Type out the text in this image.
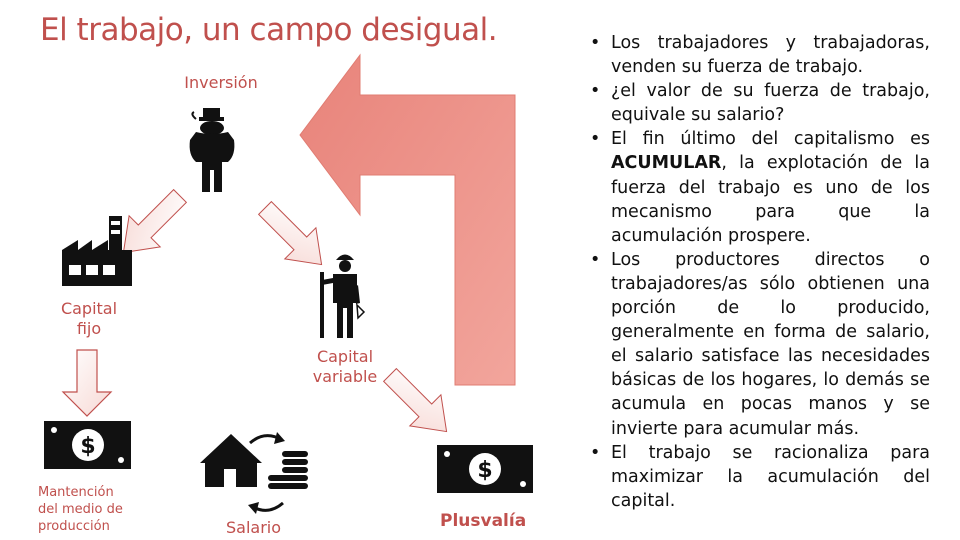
El trabajo, un campo desigual.
$
$
Inversión
Capital
fijo
Capital
variable
Mantención
del medio de
producción	Salario	Plusvalía
• Los trabajadores y trabajadoras, venden su fuerza de trabajo.
• ¿el valor de su fuerza de trabajo, equivale su salario?
• El fin último del capitalismo es ACUMULAR, la explotación de la fuerza del trabajo es uno de los mecanismo para que la acumulación prospere.
• Los productores directos o trabajadores/as sólo obtienen una porción de lo producido, generalmente en forma de salario, el salario satisface las necesidades básicas de los hogares, lo demás se acumula en pocas manos y se invierte para acumular más.
• El trabajo se racionaliza para maximizar la acumulación del capital.
